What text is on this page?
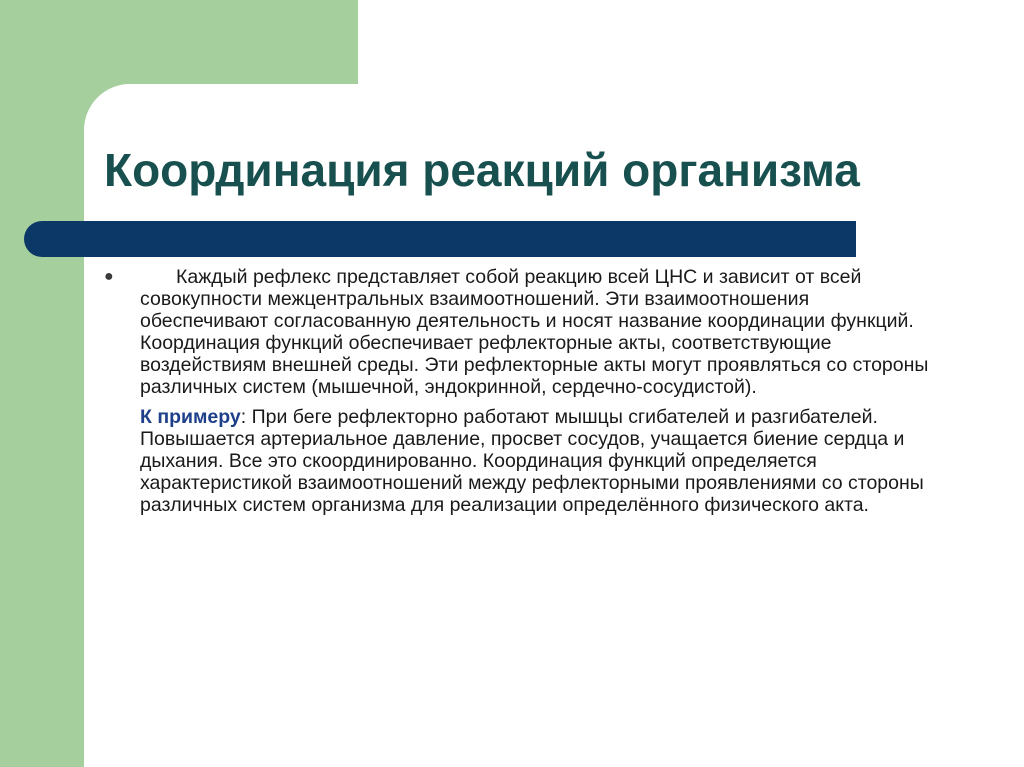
Координация реакций организма
●	Каждый рефлекс представляет собой реакцию всей ЦНС и зависит от всей совокупности межцентральных взаимоотношений. Эти взаимоотношения обеспечивают согласованную деятельность и носят название координации функций. Координация функций обеспечивает рефлекторные акты, соответствующие воздействиям внешней среды. Эти рефлекторные акты могут проявляться со стороны различных систем (мышечной, эндокринной, сердечно-сосудистой).

К примеру: При беге рефлекторно работают мышцы сгибателей и разгибателей. Повышается артериальное давление, просвет сосудов, учащается биение сердца и дыхания. Все это скоординированно. Координация функций определяется характеристикой взаимоотношений между рефлекторными проявлениями со стороны различных систем организма для реализации определённого физического акта.
